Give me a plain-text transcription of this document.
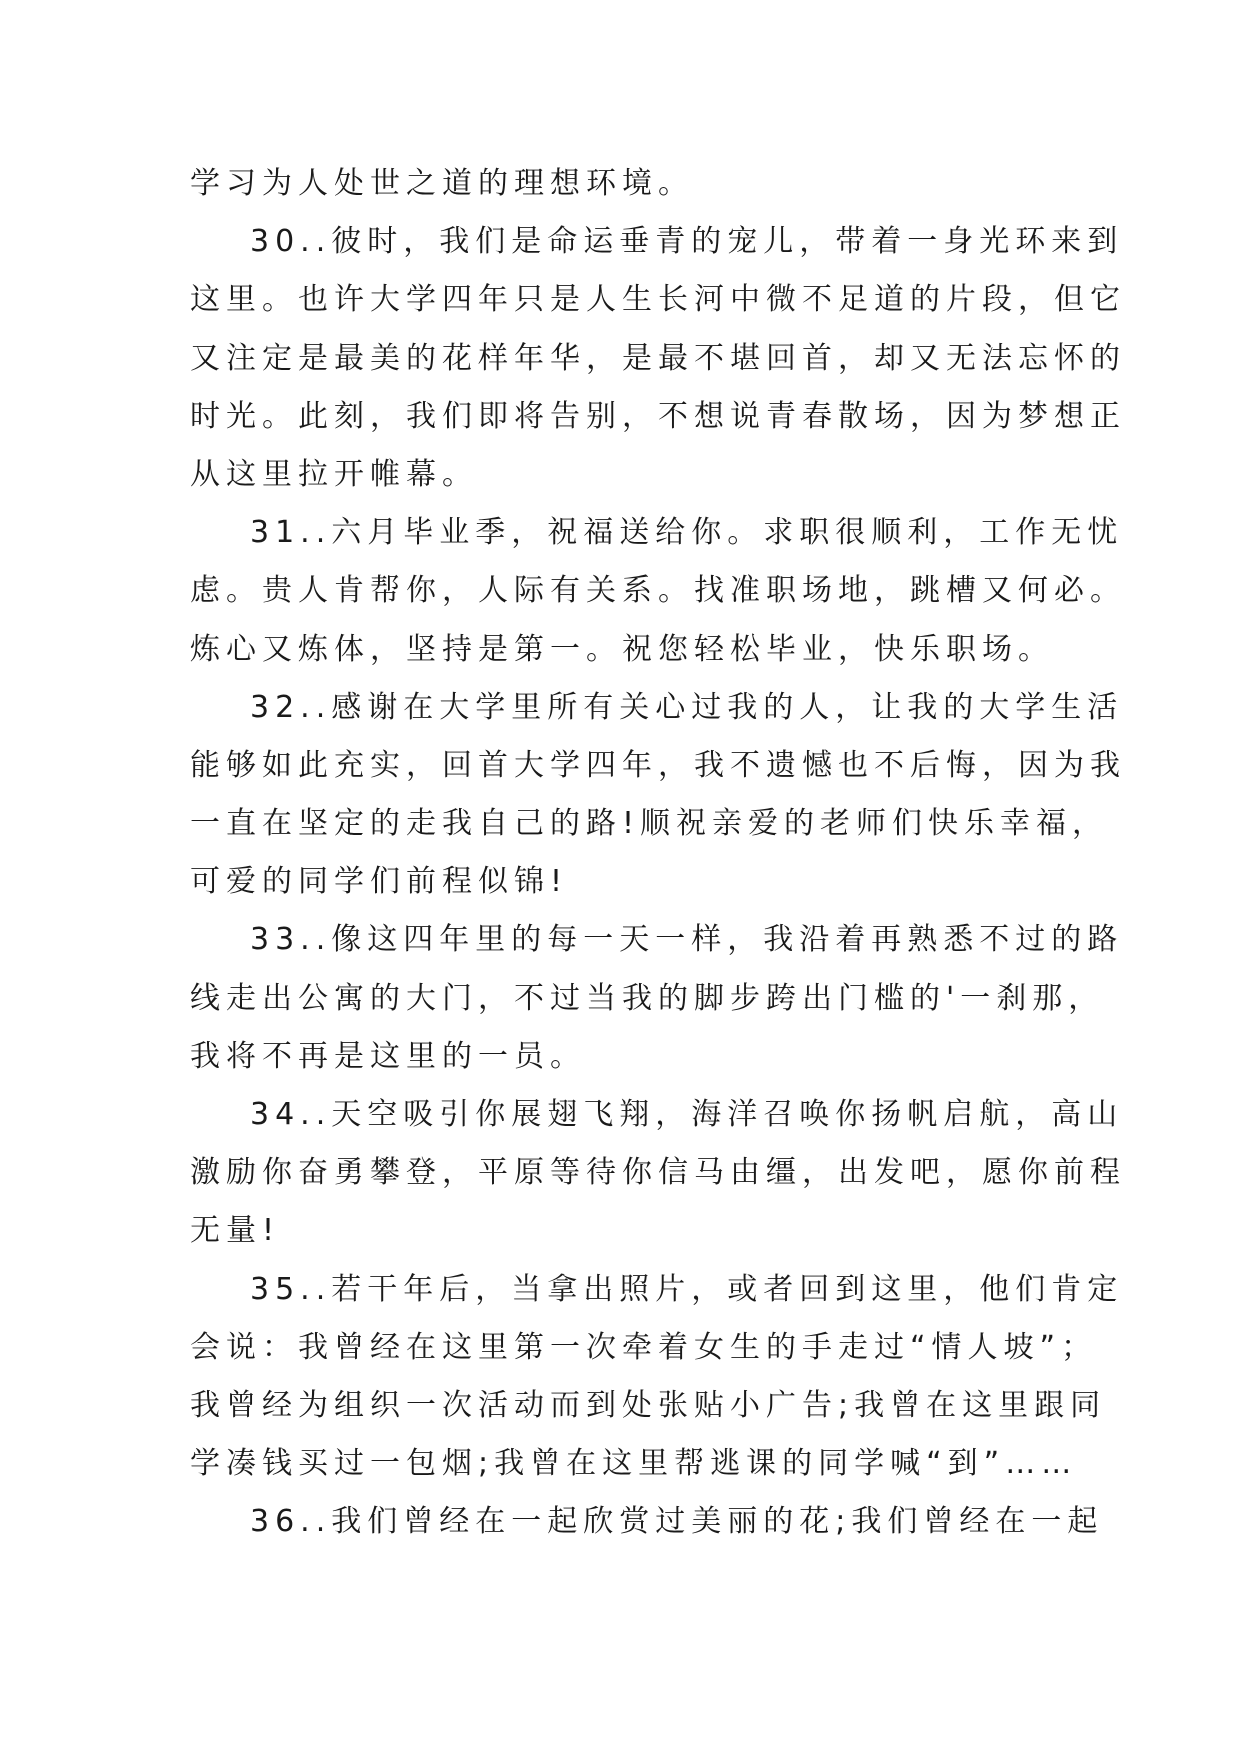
学习为人处世之道的理想环境。

30..彼时，我们是命运垂青的宠儿，带着一身光环来到

这里。也许大学四年只是人生长河中微不足道的片段，但它

又注定是最美的花样年华，是最不堪回首，却又无法忘怀的

时光。此刻，我们即将告别，不想说青春散场，因为梦想正

从这里拉开帷幕。

31..六月毕业季，祝福送给你。求职很顺利，工作无忧

虑。贵人肯帮你，人际有关系。找准职场地，跳槽又何必。

炼心又炼体，坚持是第一。祝您轻松毕业，快乐职场。

32..感谢在大学里所有关心过我的人，让我的大学生活

能够如此充实，回首大学四年，我不遗憾也不后悔，因为我

一直在坚定的走我自己的路!顺祝亲爱的老师们快乐幸福，

可爱的同学们前程似锦!

33..像这四年里的每一天一样，我沿着再熟悉不过的路

线走出公寓的大门，不过当我的脚步跨出门槛的'一刹那，

我将不再是这里的一员。

34..天空吸引你展翅飞翔，海洋召唤你扬帆启航，高山

激励你奋勇攀登，平原等待你信马由缰，出发吧，愿你前程

无量!

35..若干年后，当拿出照片，或者回到这里，他们肯定

会说：我曾经在这里第一次牵着女生的手走过“情人坡”；

我曾经为组织一次活动而到处张贴小广告;我曾在这里跟同

学凑钱买过一包烟;我曾在这里帮逃课的同学喊“到”……

36..我们曾经在一起欣赏过美丽的花;我们曾经在一起
